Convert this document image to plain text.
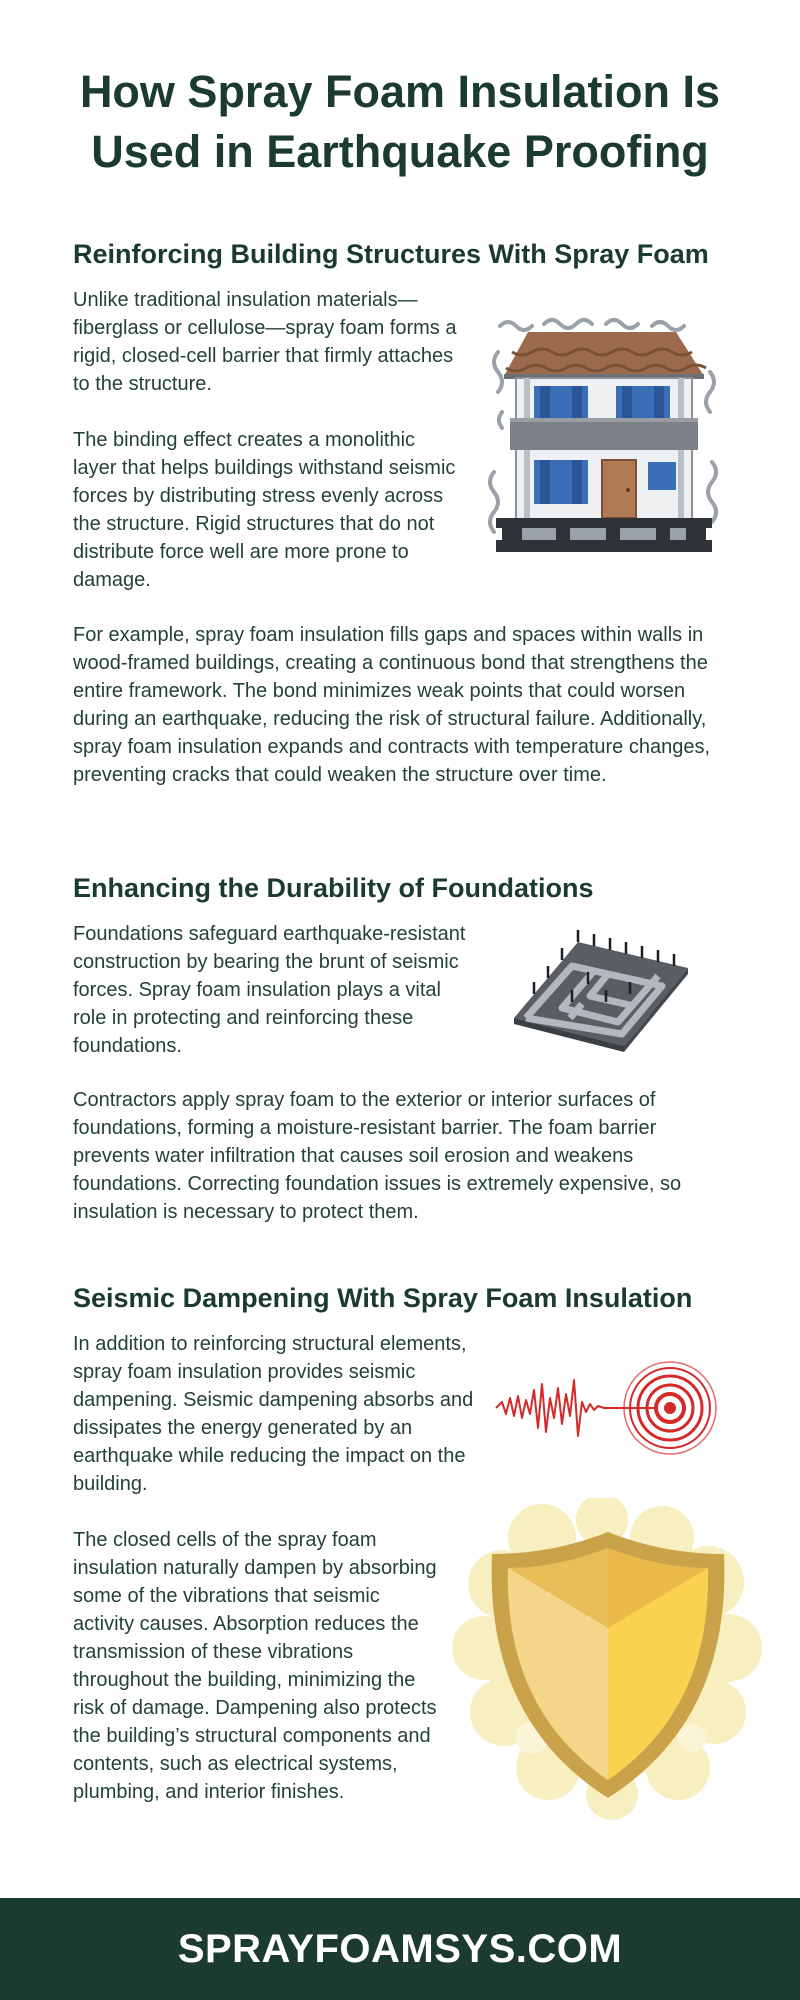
How Spray Foam Insulation Is Used in Earthquake Proofing
Reinforcing Building Structures With Spray Foam

Unlike traditional insulation materials—fiberglass or cellulose—spray foam forms a rigid, closed-cell barrier that firmly attaches to the structure.

The binding effect creates a monolithic layer that helps buildings withstand seismic forces by distributing stress evenly across the structure. Rigid structures that do not distribute force well are more prone to damage.

For example, spray foam insulation fills gaps and spaces within walls in wood-framed buildings, creating a continuous bond that strengthens the entire framework. The bond minimizes weak points that could worsen during an earthquake, reducing the risk of structural failure. Additionally, spray foam insulation expands and contracts with temperature changes, preventing cracks that could weaken the structure over time.

Enhancing the Durability of Foundations

Foundations safeguard earthquake-resistant construction by bearing the brunt of seismic forces. Spray foam insulation plays a vital role in protecting and reinforcing these foundations.

Contractors apply spray foam to the exterior or interior surfaces of foundations, forming a moisture-resistant barrier. The foam barrier prevents water infiltration that causes soil erosion and weakens foundations. Correcting foundation issues is extremely expensive, so insulation is necessary to protect them.

Seismic Dampening With Spray Foam Insulation

In addition to reinforcing structural elements, spray foam insulation provides seismic dampening. Seismic dampening absorbs and dissipates the energy generated by an earthquake while reducing the impact on the building.

The closed cells of the spray foam insulation naturally dampen by absorbing some of the vibrations that seismic activity causes. Absorption reduces the transmission of these vibrations throughout the building, minimizing the risk of damage. Dampening also protects the building’s structural components and contents, such as electrical systems, plumbing, and interior finishes.

SPRAYFOAMSYS.COM
